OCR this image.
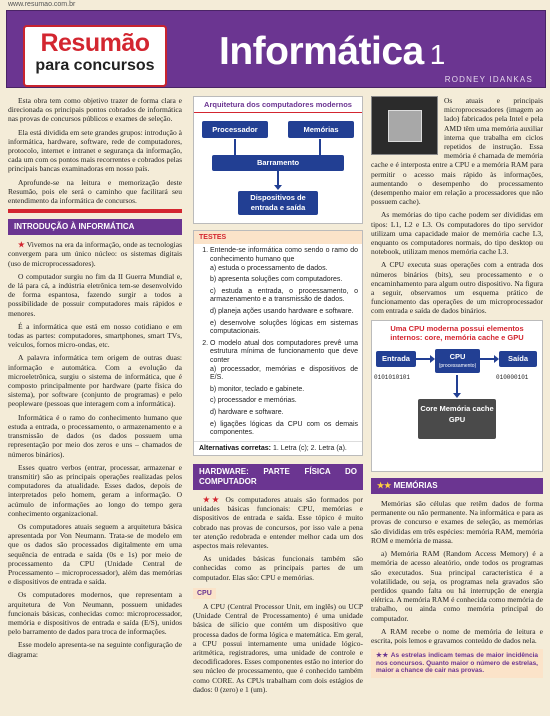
www.resumao.com.br
Resumão
para concursos Informática 1
RODNEY IDANKAS

Esta obra tem como objetivo trazer de forma clara e direcionada os principais pontos cobrados de informática nas provas de concursos públicos e exames de seleção.

Ela está dividida em sete grandes grupos: introdução à informática, hardware, software, rede de computadores, protocolo, internet e intranet e segurança da informação, cada um com os pontos mais recorrentes e cobrados pelas principais bancas examinadoras em nosso país.

Aprofunde-se na leitura e memorização deste Resumão, pois ele será o caminho que facilitará seu entendimento da informática de concursos.

INTRODUÇÃO À INFORMÁTICA

★ Vivemos na era da informação, onde as tecnologias convergem para um único núcleo: os sistemas digitais (uso de microprocessadores).

O computador surgiu no fim da II Guerra Mundial e, de lá para cá, a indústria eletrônica tem-se desenvolvido de forma espantosa, fazendo surgir a todos a possibilidade de possuir computadores mais rápidos e menores.

É a informática que está em nosso cotidiano e em todas as partes: computadores, smartphones, smart TVs, veículos, fornos micro-ondas, etc.

A palavra informática tem origem de outras duas: informação e automática. Com a evolução da microeletrônica, surgiu o sistema de informática, que é composto principalmente por hardware (parte física do sistema), por software (conjunto de programas) e pelo peopleware (pessoas que interagem com a informática).

Informática é o ramo do conhecimento humano que estuda a entrada, o processamento, o armazenamento e a transmissão de dados (os dados possuem uma representação por meio dos zeros e uns – chamados de números binários).

Esses quatro verbos (entrar, processar, armazenar e transmitir) são as principais operações realizadas pelos computadores da atualidade. Esses dados, depois de interpretados pelo homem, geram a informação. O acúmulo de informações ao longo do tempo gera conhecimento organizacional.

Os computadores atuais seguem a arquitetura básica apresentada por Von Neumann. Trata-se de modelo em que os dados são processados digitalmente em uma sequência de entrada e saída (0s e 1s) por meio de processamento da CPU (Unidade Central de Processamento – microprocessador), além das memórias e dispositivos de entrada e saída.

Os computadores modernos, que representam a arquitetura de Von Neumann, possuem unidades funcionais básicas, conhecidas como: microprocessador, memória e dispositivos de entrada e saída (E/S), unidos pelo barramento de dados para troca de informações.

Esse modelo apresenta-se na seguinte configuração de diagrama:

Arquitetura dos computadores modernos
Processador	Memórias
Barramento
Dispositivos de entrada e saída
TESTES
1. Entende-se informática como sendo o ramo do conhecimento humano que
a) estuda o processamento de dados.
b) apresenta soluções com computadores.
c) estuda a entrada, o processamento, o armazenamento e a transmissão de dados.
d) planeja ações usando hardware e software.
e) desenvolve soluções lógicas em sistemas computacionais.
2. O modelo atual dos computadores prevê uma estrutura mínima de funcionamento que deve conter
a) processador, memórias e dispositivos de E/S.
b) monitor, teclado e gabinete.
c) processador e memórias.
d) hardware e software.
e) ligações lógicas da CPU com os demais componentes.
Alternativas corretas: 1. Letra (c); 2. Letra (a).
HARDWARE: PARTE FÍSICA DO COMPUTADOR

★★ Os computadores atuais são formados por unidades básicas funcionais: CPU, memórias e dispositivos de entrada e saída. Esse tópico é muito cobrado nas provas de concursos, por isso vale a pena ter atenção redobrada e entender melhor cada um dos aspectos mais relevantes.

As unidades básicas funcionais também são conhecidas como as principais partes de um computador. Elas são: CPU e memórias.

CPU

A CPU (Central Processor Unit, em inglês) ou UCP (Unidade Central de Processamento) é uma unidade básica de silício que contém um dispositivo que processa dados de forma lógica e matemática. Em geral, a CPU possui internamente uma unidade lógico-aritmética, registradores, uma unidade de controle e decodificadores. Esses componentes estão no interior do seu núcleo de processamento, que é conhecido também como CORE. As CPUs trabalham com dois estágios de dados: 0 (zero) e 1 (um).

Os atuais e principais microprocessadores (imagem ao lado) fabricados pela Intel e pela AMD têm uma memória auxiliar interna que trabalha em ciclos repetidos de instrução. Essa memória é chamada de memória cache e é interposta entre a CPU e a memória RAM para permitir o acesso mais rápido às informações, aumentando o desempenho do processamento (desempenho maior em relação a processadores que não possuem cache).

As memórias do tipo cache podem ser divididas em tipos: L1, L2 e L3. Os computadores do tipo servidor utilizam uma capacidade maior de memória cache L3, enquanto os computadores normais, do tipo desktop ou notebook, utilizam menos memória cache L3.

A CPU executa suas operações com a entrada dos números binários (bits), seu processamento e o encaminhamento para algum outro dispositivo. Na figura a seguir, observamos um esquema prático de funcionamento das operações de um microprocessador com entrada e saída de dados binários.

Uma CPU moderna possui elementos internos: core, memória cache e GPU
Entrada	CPU
(processamento)
Saída
0101010101	010000101
Core Memória cache GPU
★★ MEMÓRIAS

Memórias são células que retêm dados de forma permanente ou não permanente. Na informática e para as provas de concurso e exames de seleção, as memórias são divididas em três espécies: memória RAM, memória ROM e memória de massa.

a) Memória RAM (Random Access Memory) é a memória de acesso aleatório, onde todos os programas são executados. Sua principal característica é a volatilidade, ou seja, os programas nela gravados são perdidos quando falta ou há interrupção de energia elétrica. A memória RAM é conhecida como memória de trabalho, ou ainda como memória principal do computador.

A RAM recebe o nome de memória de leitura e escrita, pois lemos e gravamos conteúdo de dados nela.

★★ As estrelas indicam temas de maior incidência nos concursos. Quanto maior o número de estrelas, maior a chance de cair nas provas.
